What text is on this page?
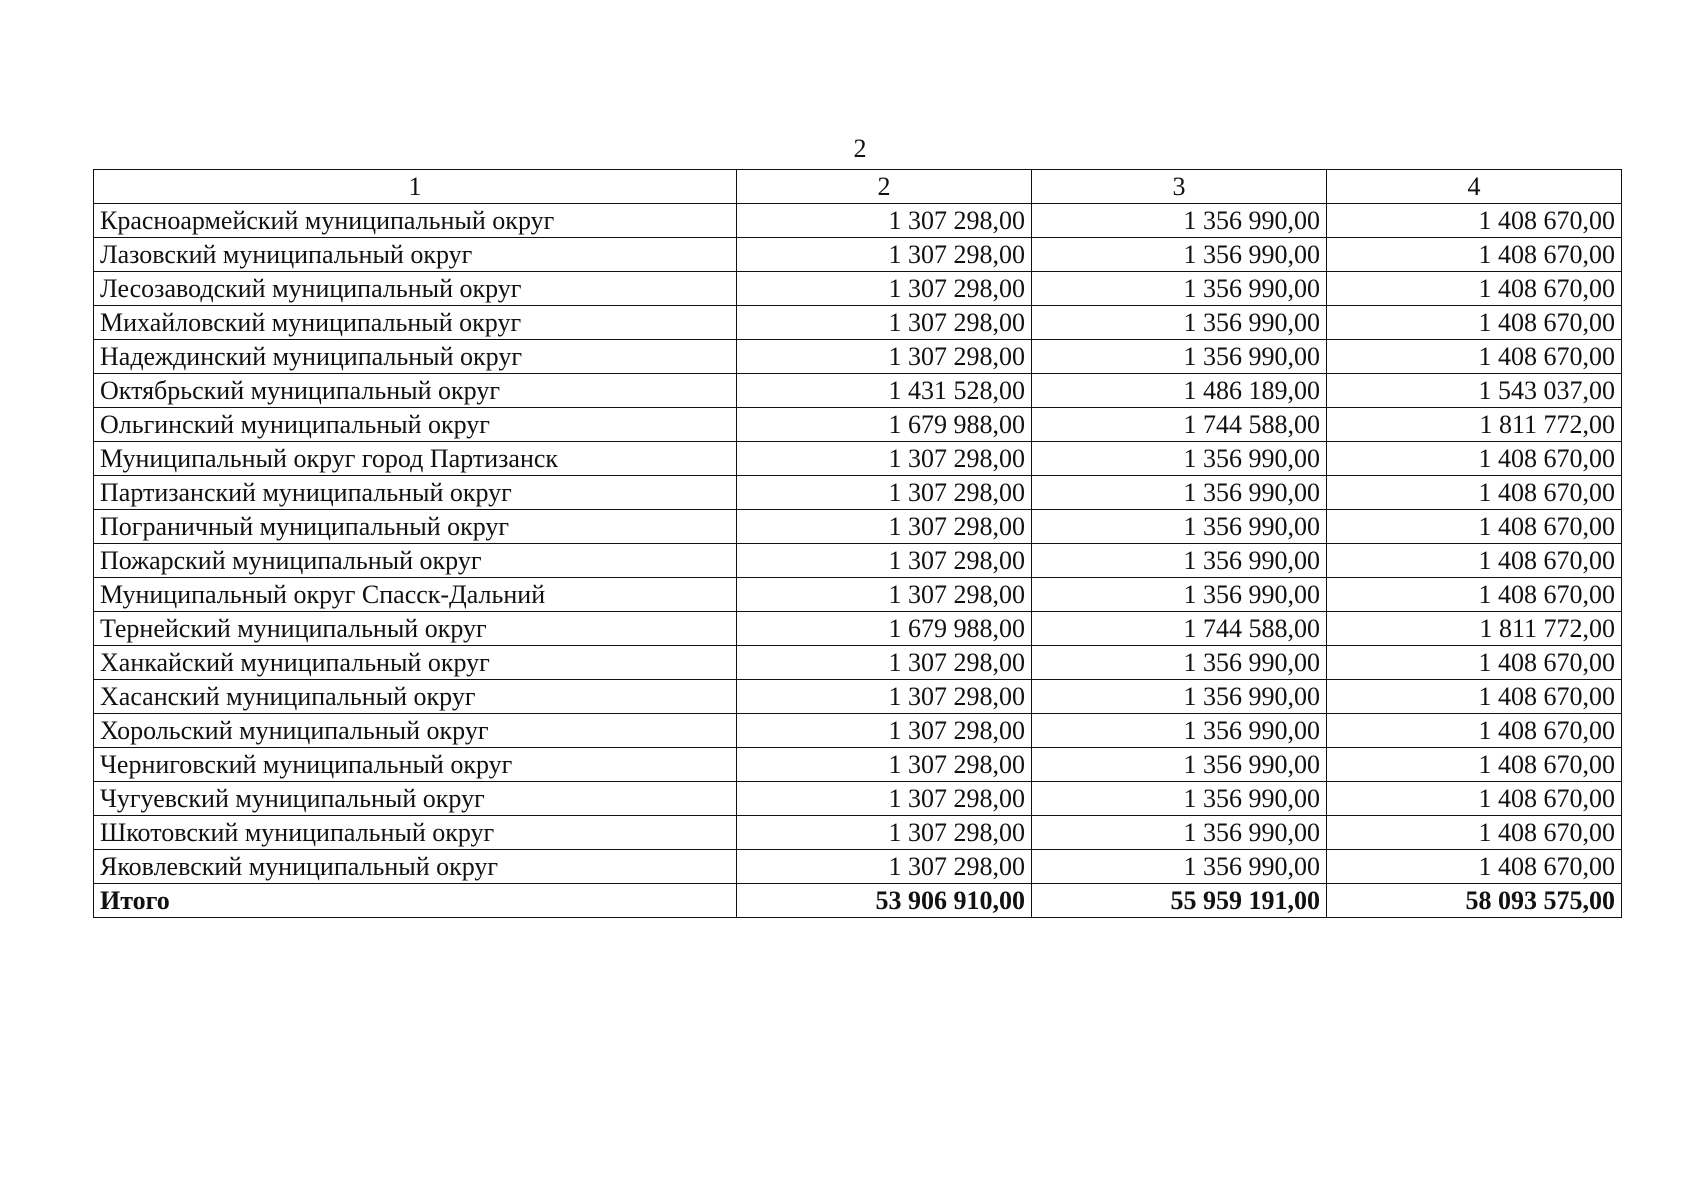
2
1	2	3	4
Красноармейский муниципальный округ	1 307 298,00	1 356 990,00	1 408 670,00
Лазовский муниципальный округ	1 307 298,00	1 356 990,00	1 408 670,00
Лесозаводский муниципальный округ	1 307 298,00	1 356 990,00	1 408 670,00
Михайловский муниципальный округ	1 307 298,00	1 356 990,00	1 408 670,00
Надеждинский муниципальный округ	1 307 298,00	1 356 990,00	1 408 670,00
Октябрьский муниципальный округ	1 431 528,00	1 486 189,00	1 543 037,00
Ольгинский муниципальный округ	1 679 988,00	1 744 588,00	1 811 772,00
Муниципальный округ город Партизанск	1 307 298,00	1 356 990,00	1 408 670,00
Партизанский муниципальный округ	1 307 298,00	1 356 990,00	1 408 670,00
Пограничный муниципальный округ	1 307 298,00	1 356 990,00	1 408 670,00
Пожарский муниципальный округ	1 307 298,00	1 356 990,00	1 408 670,00
Муниципальный округ Спасск-Дальний	1 307 298,00	1 356 990,00	1 408 670,00
Тернейский муниципальный округ	1 679 988,00	1 744 588,00	1 811 772,00
Ханкайский муниципальный округ	1 307 298,00	1 356 990,00	1 408 670,00
Хасанский муниципальный округ	1 307 298,00	1 356 990,00	1 408 670,00
Хорольский муниципальный округ	1 307 298,00	1 356 990,00	1 408 670,00
Черниговский муниципальный округ	1 307 298,00	1 356 990,00	1 408 670,00
Чугуевский муниципальный округ	1 307 298,00	1 356 990,00	1 408 670,00
Шкотовский муниципальный округ	1 307 298,00	1 356 990,00	1 408 670,00
Яковлевский муниципальный округ	1 307 298,00	1 356 990,00	1 408 670,00
Итого	53 906 910,00	55 959 191,00	58 093 575,00
